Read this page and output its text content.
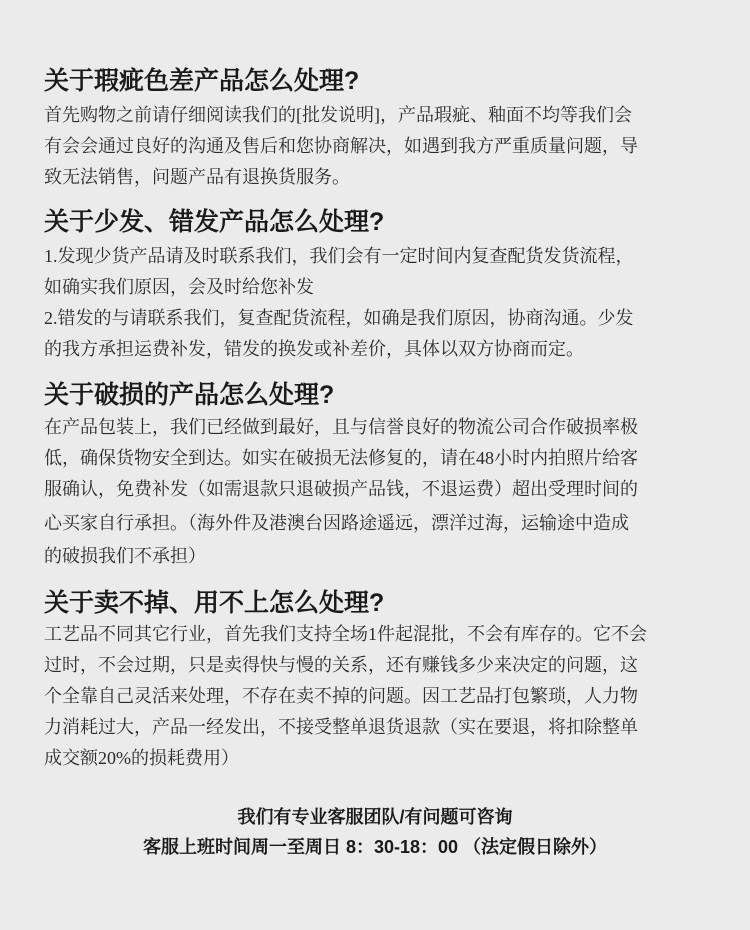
关于瑕疵色差产品怎么处理?
首先购物之前请仔细阅读我们的[批发说明]，产品瑕疵、釉面不均等我们会
有会会通过良好的沟通及售后和您协商解决，如遇到我方严重质量问题，导
致无法销售，问题产品有退换货服务。
关于少发、错发产品怎么处理?
1.发现少货产品请及时联系我们，我们会有一定时间内复查配货发货流程，
如确实我们原因，会及时给您补发
2.错发的与请联系我们，复查配货流程，如确是我们原因，协商沟通。少发
的我方承担运费补发，错发的换发或补差价，具体以双方协商而定。
关于破损的产品怎么处理?
在产品包装上，我们已经做到最好，且与信誉良好的物流公司合作破损率极
低，确保货物安全到达。如实在破损无法修复的，请在48小时内拍照片给客
服确认，免费补发（如需退款只退破损产品钱，不退运费）超出受理时间的
心买家自行承担。（海外件及港澳台因路途遥远，漂洋过海，运输途中造成
的破损我们不承担）
关于卖不掉、用不上怎么处理?
工艺品不同其它行业，首先我们支持全场1件起混批，不会有库存的。它不会
过时，不会过期，只是卖得快与慢的关系，还有赚钱多少来决定的问题，这
个全靠自己灵活来处理，不存在卖不掉的问题。因工艺品打包繁琐，人力物
力消耗过大，产品一经发出，不接受整单退货退款（实在要退，将扣除整单
成交额20%的损耗费用）
我们有专业客服团队/有问题可咨询
客服上班时间周一至周日 8：30-18：00 （法定假日除外）
